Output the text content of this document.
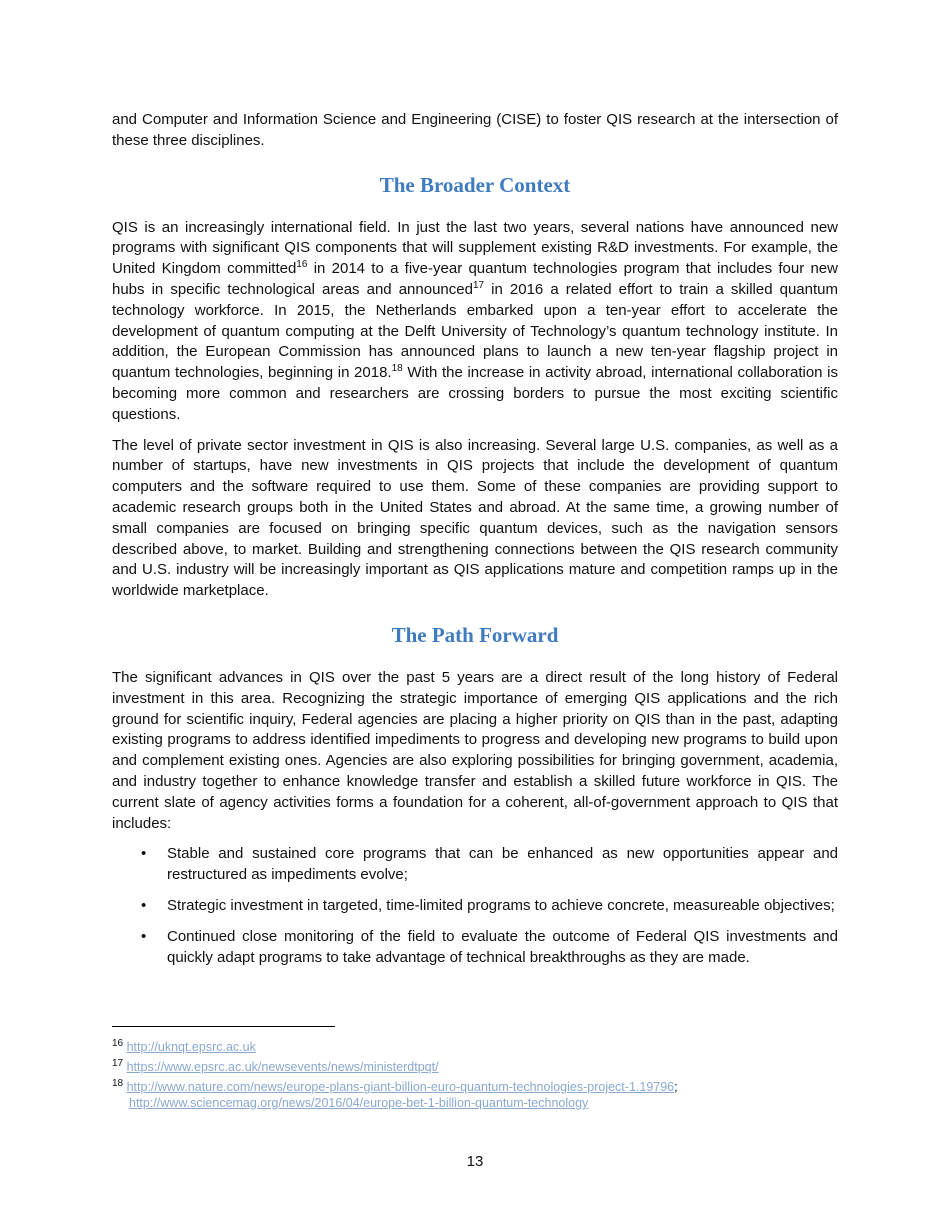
and Computer and Information Science and Engineering (CISE) to foster QIS research at the intersection of these three disciplines.

The Broader Context

QIS is an increasingly international field. In just the last two years, several nations have announced new programs with significant QIS components that will supplement existing R&D investments. For example, the United Kingdom committed$^{16}$ in 2014 to a five-year quantum technologies program that includes four new hubs in specific technological areas and announced$^{17}$ in 2016 a related effort to train a skilled quantum technology workforce. In 2015, the Netherlands embarked upon a ten-year effort to accelerate the development of quantum computing at the Delft University of Technology’s quantum technology institute. In addition, the European Commission has announced plans to launch a new ten-year flagship project in quantum technologies, beginning in 2018.18 With the increase in activity abroad, international collaboration is becoming more common and researchers are crossing borders to pursue the most exciting scientific questions.

The level of private sector investment in QIS is also increasing. Several large U.S. companies, as well as a number of startups, have new investments in QIS projects that include the development of quantum computers and the software required to use them. Some of these companies are providing support to academic research groups both in the United States and abroad. At the same time, a growing number of small companies are focused on bringing specific quantum devices, such as the navigation sensors described above, to market. Building and strengthening connections between the QIS research community and U.S. industry will be increasingly important as QIS applications mature and competition ramps up in the worldwide marketplace.

The Path Forward

The significant advances in QIS over the past 5 years are a direct result of the long history of Federal investment in this area. Recognizing the strategic importance of emerging QIS applications and the rich ground for scientific inquiry, Federal agencies are placing a higher priority on QIS than in the past, adapting existing programs to address identified impediments to progress and developing new programs to build upon and complement existing ones. Agencies are also exploring possibilities for bringing government, academia, and industry together to enhance knowledge transfer and establish a skilled future workforce in QIS. The current slate of agency activities forms a foundation for a coherent, all-of-government approach to QIS that includes:

• Stable and sustained core programs that can be enhanced as new opportunities appear and restructured as impediments evolve;
• Strategic investment in targeted, time-limited programs to achieve concrete, measureable objectives;
• Continued close monitoring of the field to evaluate the outcome of Federal QIS investments and quickly adapt programs to take advantage of technical breakthroughs as they are made.
$^{16}$ http://uknqt.epsrc.ac.uk
$^{17}$ https://www.epsrc.ac.uk/newsevents/news/ministerdtpqt/
$^{18}$ http://www.nature.com/news/europe-plans-giant-billion-euro-quantum-technologies-project-1.19796;
http://www.sciencemag.org/news/2016/04/europe-bet-1-billion-quantum-technology
13
